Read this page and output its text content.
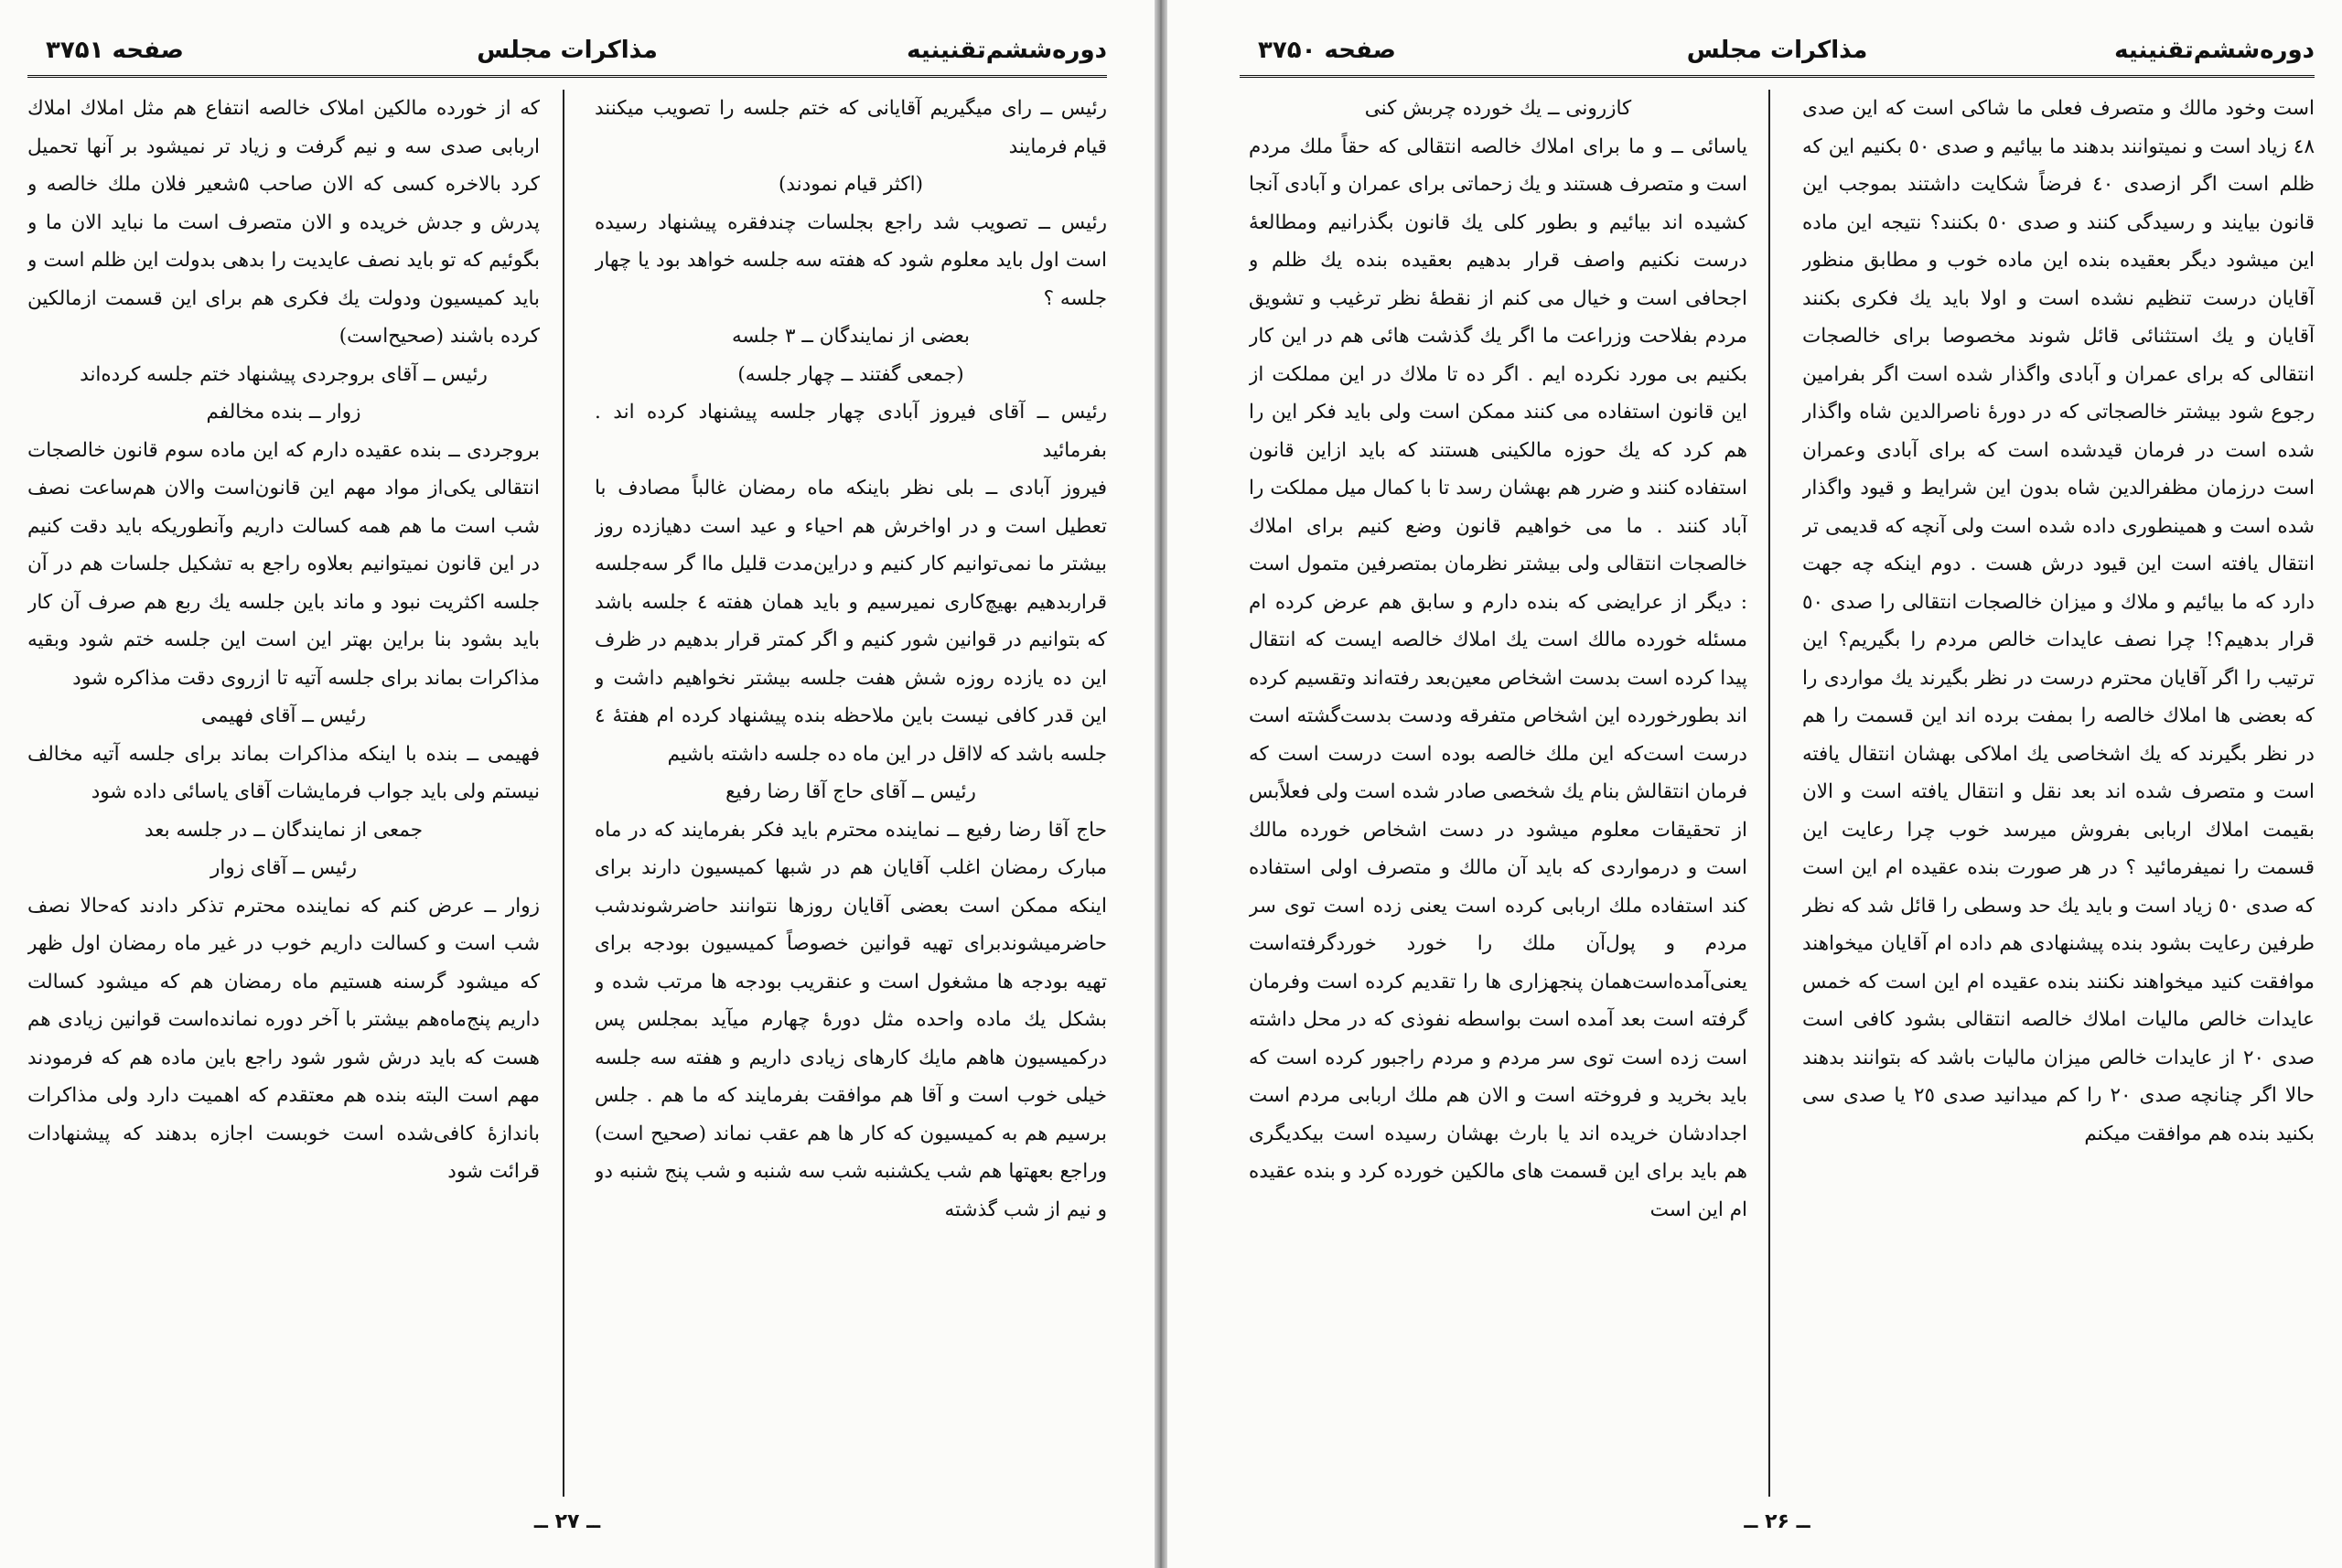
دوره‌ششم‌تقنینیه
مذاکرات مجلس
صفحه ۳۷۵۱

رئیس ــ رای میگیریم آقایانی که ختم جلسه را تصویب میکنند قیام فرمایند

(اکثر قیام نمودند)

رئیس ــ تصویب شد راجع بجلسات چندفقره پیشنهاد رسیده است اول باید معلوم شود که هفته سه جلسه خواهد بود یا چهار جلسه ؟

بعضی از نمایندگان ــ ۳ جلسه

(جمعی گفتند ــ چهار جلسه)

رئیس ــ آقای فیروز آبادی چهار جلسه پیشنهاد کرده اند . بفرمائید

فیروز آبادی ــ بلی نظر باینکه ماه رمضان غالباً مصادف با تعطیل است و در اواخرش هم احیاء و عید است دهیازده روز بیشتر ما نمی‌توانیم کار کنیم و دراین‌مدت قلیل ماا گر سه‌جلسه قراربدهیم بهیچ‌کاری نمیرسیم و باید همان هفته ٤ جلسه باشد که بتوانیم در قوانین شور کنیم و اگر کمتر قرار بدهیم در ظرف این ده یازده روزه شش هفت جلسه بیشتر نخواهیم داشت و این قدر کافی نیست باین ملاحظه بنده پیشنهاد کرده ام هفتهٔ ٤ جلسه باشد که لااقل در این ماه ده جلسه داشته باشیم

رئیس ــ آقای حاج آقا رضا رفیع

حاج آقا رضا رفیع ــ نماینده محترم باید فکر بفرمایند که در ماه مبارک رمضان اغلب آقایان هم در شبها کمیسیون دارند برای اینکه ممکن است بعضی آقایان روزها نتوانند حاضرشوندشب حاضرمیشوندبرای تهیه قوانین خصوصاً کمیسیون بودجه برای تهیه بودجه ها مشغول است و عنقریب بودجه ها مرتب شده و بشکل یك ماده واحده مثل دورهٔ چهارم میآید بمجلس پس درکمیسیون هاهم مایك کارهای زیادی داریم و هفته سه جلسه خیلی خوب است و آقا هم موافقت بفرمایند که ما هم . جلس برسیم هم به کمیسیون که کار ها هم عقب نماند (صحیح است) وراجع بعهتها هم شب یکشنبه شب سه شنبه و شب پنج شنبه دو و نیم از شب گذشته

که از خورده مالکین املاک خالصه انتفاع هم مثل املاك املاك اربابی صدی سه و نیم گرفت و زیاد تر نمیشود بر آنها تحمیل کرد بالاخره کسی که الان صاحب ۵شعیر فلان ملك خالصه و پدرش و جدش خریده و الان متصرف است ما نبايد الان ما و بگوئیم که تو باید نصف عایدیت را بدهی بدولت این ظلم است و باید کمیسیون ودولت يك فکری هم برای این قسمت ازمالکین کرده باشند (صحیح‌است)

رئیس ــ آقای بروجردی پیشنهاد ختم جلسه کرده‌اند

زوار ــ بنده مخالفم

بروجردی ــ بنده عقیده دارم که این ماده سوم قانون خالصجات انتقالی یکی‌از مواد مهم این قانون‌است والان هم‌ساعت نصف شب است ما هم همه کسالت داریم وآنطوریکه باید دقت کنیم در این قانون نمیتوانیم بعلاوه راجع به تشکیل جلسات هم در آن جلسه اکثریت نبود و ماند باین جلسه یك ربع هم صرف آن کار باید بشود بنا براین بهتر این است این جلسه ختم شود وبقیه مذاکرات بماند برای جلسه آتیه تا ازروی دقت مذاکره شود

رئیس ــ آقای فهیمی

فهیمی ــ بنده با اینکه مذاکرات بماند برای جلسه آتیه مخالف نیستم ولی باید جواب فرمایشات آقای یاسائی داده شود

جمعی از نمایندگان ــ در جلسه بعد

رئیس ــ آقای زوار

زوار ــ عرض کنم که نماینده محترم تذکر دادند که‌حالا نصف شب است و کسالت داریم خوب در غیر ماه رمضان اول ظهر که میشود گرسنه هستیم ماه رمضان هم که میشود کسالت داریم پنج‌ماه‌هم بیشتر با آخر دوره نمانده‌است قوانین زیادی هم هست که باید درش شور شود راجع باین ماده هم که فرمودند مهم است البته بنده هم معتقدم که اهمیت دارد ولی مذاکرات باندازهٔ کافی‌شده است خوبست اجازه بدهند که پیشنهادات قرائت شود

ــ ۲۷ ــ
دوره‌ششم‌تقنینیه
مذاکرات مجلس
صفحه ۳۷۵۰

است وخود مالك و متصرف فعلی ما شاکی است که این صدی ٤٨ زیاد است و نمیتوانند بدهند ما بیائیم و صدی ٥٠ بکنیم این که ظلم است اگر ازصدی ٤٠ فرضاً شکایت داشتند بموجب این قانون بیایند و رسیدگی کنند و صدی ٥٠ بکنند؟ نتیجه این ماده این میشود دیگر بعقیده بنده این ماده خوب و مطابق منظور آقایان درست تنظیم نشده است و اولا باید يك فکری بکنند آقایان و يك استثنائی قائل شوند مخصوصا برای خالصجات انتقالی که برای عمران و آبادی واگذار شده است اگر بفرامین رجوع شود بیشتر خالصجاتی که در دورهٔ ناصرالدین شاه واگذار شده است در فرمان قیدشده است که برای آبادی وعمران است درزمان مظفرالدین شاه بدون این شرایط و قیود واگذار شده است و همینطوری داده شده است ولی آنچه که قدیمی تر انتقال یافته است این قیود درش هست . دوم اینکه چه جهت دارد که ما بیائیم و ملاك و میزان خالصجات انتقالی را صدی ٥٠ قرار بدهیم؟! چرا نصف عایدات خالص مردم را بگیریم؟ این ترتیب را اگر آقایان محترم درست در نظر بگیرند يك مواردی را که بعضی ها املاك خالصه را بمفت برده اند این قسمت را هم در نظر بگیرند که يك اشخاصی يك املاکی بهشان انتقال یافته است و متصرف شده اند بعد نقل و انتقال یافته است و الان بقیمت املاك اربابی بفروش میرسد خوب چرا رعایت این قسمت را نمیفرمائید ؟ در هر صورت بنده عقیده ام این است که صدی ٥٠ زیاد است و باید يك حد وسطی را قائل شد که نظر طرفین رعایت بشود بنده پیشنهادی هم داده ام آقایان میخواهند موافقت کنید میخواهند نکنند بنده عقیده ام این است که خمس عایدات خالص مالیات املاك خالصه انتقالی بشود کافی است صدی ٢٠ از عایدات خالص میزان مالیات باشد که بتوانند بدهند حالا اگر چنانچه صدی ٢٠ را کم میدانید صدی ٢٥ یا صدی سی بکنید بنده هم موافقت میکنم

کازرونی ــ يك خورده چربش کنی

یاسائی ــ و ما برای املاك خالصه انتقالی که حقاً ملك مردم است و متصرف هستند و يك زحماتی برای عمران و آبادی آنجا کشیده اند بیائیم و بطور کلی يك قانون بگذرانیم ومطالعهٔ درست نکنیم واصف قرار بدهیم بعقیده بنده يك ظلم و اجحافی است و خیال می کنم از نقطهٔ نظر ترغیب و تشویق مردم بفلاحت وزراعت ما اگر يك گذشت هائی هم در این کار بکنیم بی مورد نکرده ایم . اگر ده تا ملاك در این مملکت از این قانون استفاده می کنند ممکن است ولی باید فکر این را هم کرد که يك حوزه مالکینی هستند که باید ازاین قانون استفاده کنند و ضرر هم بهشان رسد تا با کمال میل مملکت را آباد کنند . ما می خواهیم قانون وضع کنیم برای املاك خالصجات انتقالی ولی بیشتر نظرمان بمتصرفین متمول است : دیگر از عرایضی که بنده دارم و سابق هم عرض کرده ام مسئله خورده مالك است يك املاك خالصه ایست که انتقال پیدا کرده است بدست اشخاص معین‌بعد رفته‌اند وتقسیم کرده اند بطورخورده این اشخاص متفرقه ودست بدست‌گشته است درست است‌که این ملك خالصه بوده است درست است که فرمان انتقالش بنام يك شخصی صادر شده است ولی فعلاًبس از تحقیقات معلوم میشود در دست اشخاص خورده مالك است و درمواردی که باید آن مالك و متصرف اولی استفاده کند استفاده ملك اربابی کرده است یعنی زده است توی سر مردم و پول‌آن ملك را خورد خوردگرفته‌است یعنی‌آمده‌است‌همان پنجهزاری ها را تقدیم کرده است وفرمان گرفته است بعد آمده است بواسطه نفوذی که در محل داشته است زده است توی سر مردم و مردم راجبور کرده است که باید بخرید و فروخته است و الان هم ملك اربابی مردم است اجدادشان خریده اند یا بارث بهشان رسیده است بیکدیگری هم باید برای این قسمت های مالکین خورده کرد و بنده عقیده ام این است

ــ ۲۶ ــ
